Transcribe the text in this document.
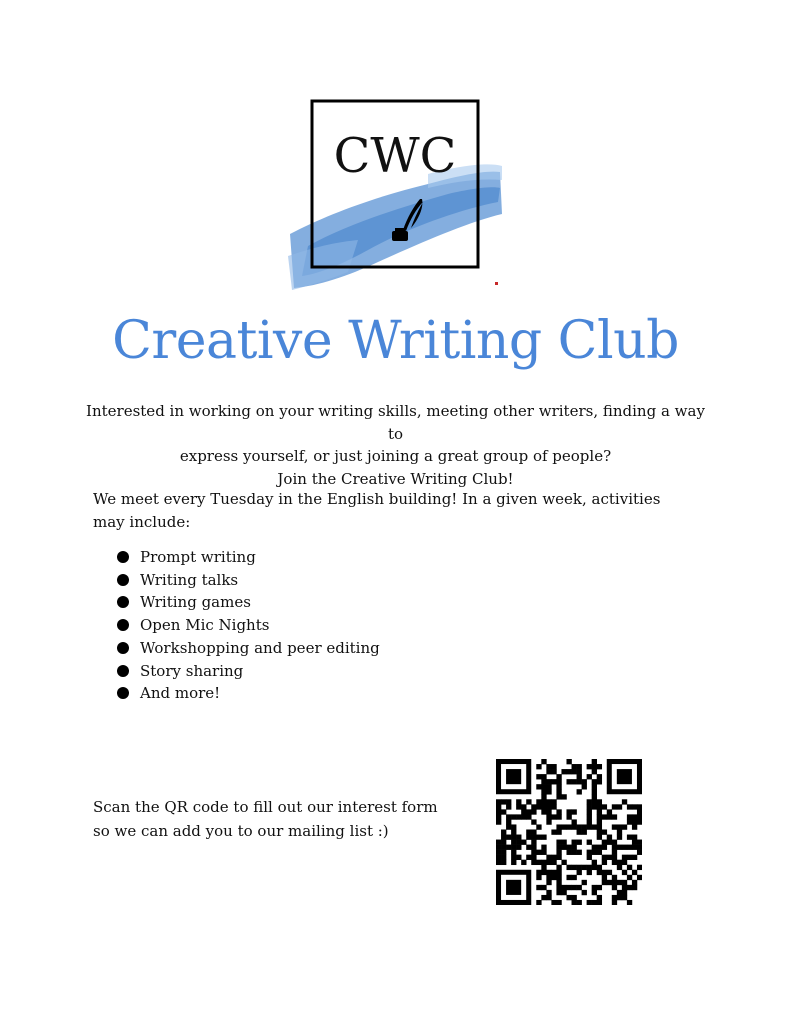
CWC
Creative Writing Club
Interested in working on your writing skills, meeting other writers, finding a way to
express yourself, or just joining a great group of people?
Join the Creative Writing Club!
We meet every Tuesday in the English building! In a given week, activities may include:
Prompt writing
Writing talks
Writing games
Open Mic Nights
Workshopping and peer editing
Story sharing
And more!
Scan the QR code to fill out our interest form
so we can add you to our mailing list :)
